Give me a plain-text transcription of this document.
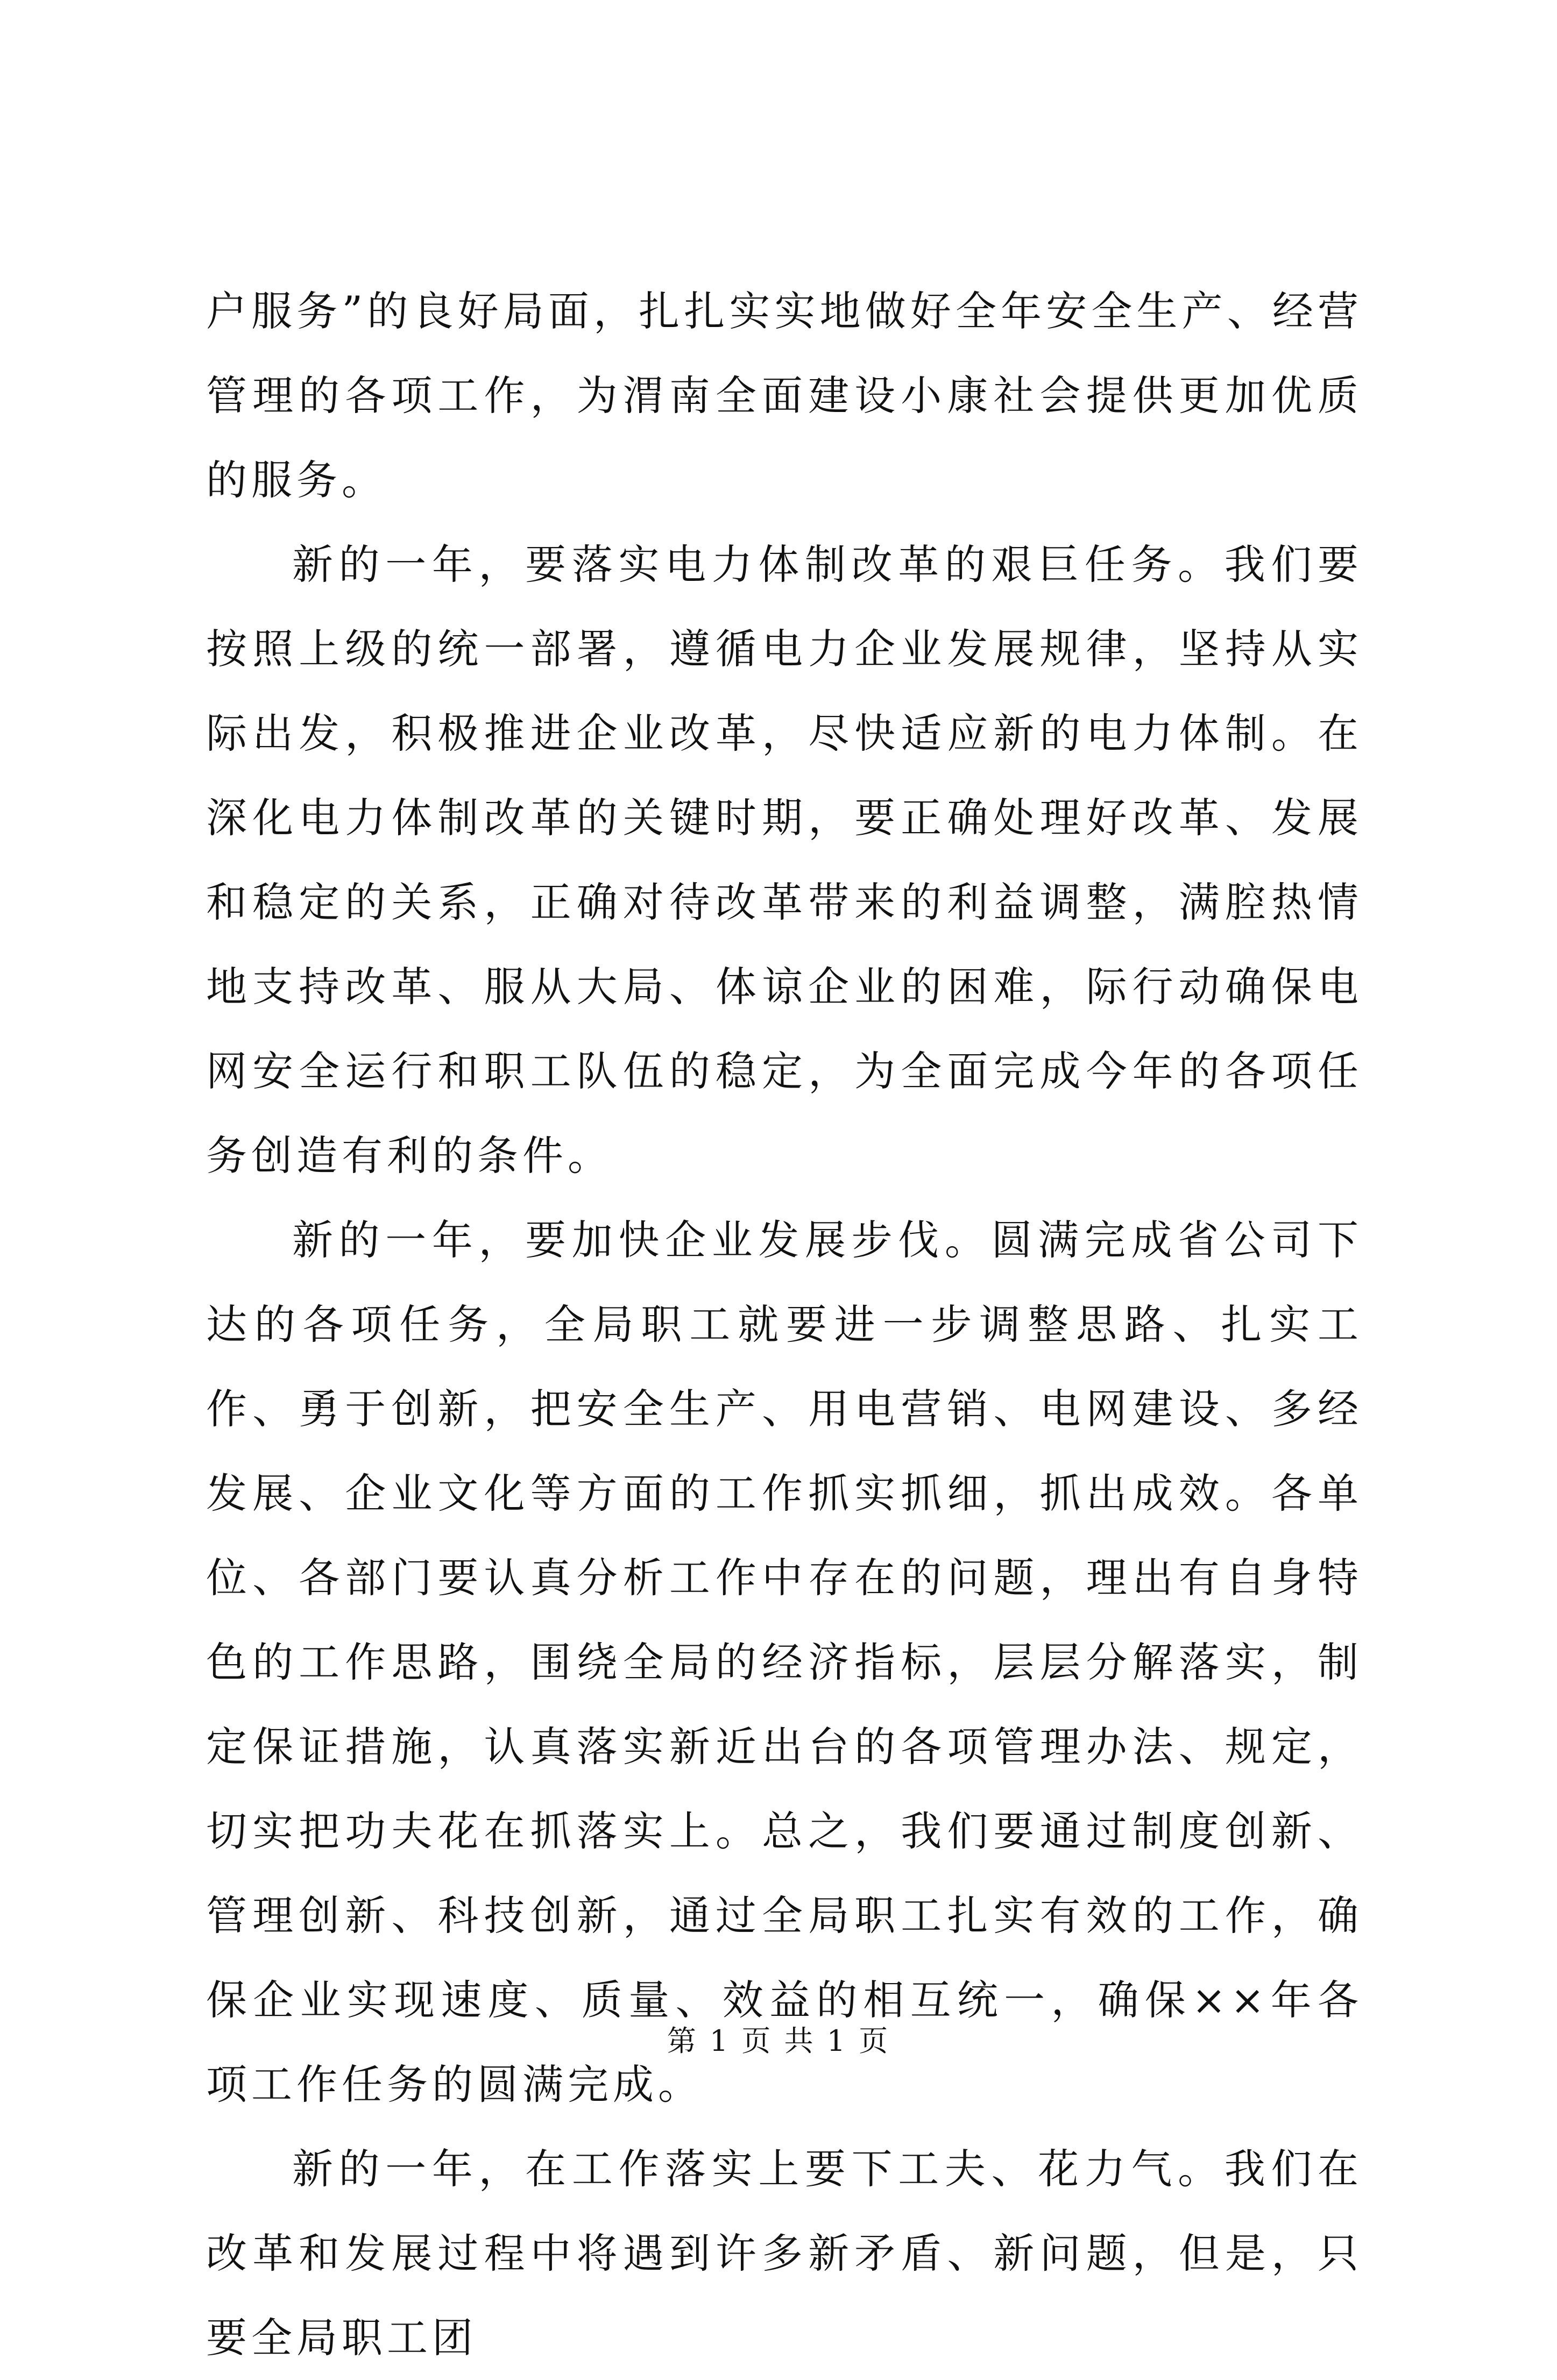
户服务”的良好局面，扎扎实实地做好全年安全生产、经营管理的各项工作，为渭南全面建设小康社会提供更加优质的服务。

新的一年，要落实电力体制改革的艰巨任务。我们要按照上级的统一部署，遵循电力企业发展规律，坚持从实际出发，积极推进企业改革，尽快适应新的电力体制。在深化电力体制改革的关键时期，要正确处理好改革、发展和稳定的关系，正确对待改革带来的利益调整，满腔热情地支持改革、服从大局、体谅企业的困难，际行动确保电网安全运行和职工队伍的稳定，为全面完成今年的各项任务创造有利的条件。

新的一年，要加快企业发展步伐。圆满完成省公司下达的各项任务，全局职工就要进一步调整思路、扎实工作、勇于创新，把安全生产、用电营销、电网建设、多经发展、企业文化等方面的工作抓实抓细，抓出成效。各单位、各部门要认真分析工作中存在的问题，理出有自身特色的工作思路，围绕全局的经济指标，层层分解落实，制定保证措施，认真落实新近出台的各项管理办法、规定，切实把功夫花在抓落实上。总之，我们要通过制度创新、管理创新、科技创新，通过全局职工扎实有效的工作，确保企业实现速度、质量、效益的相互统一，确保××年各项工作任务的圆满完成。

新的一年，在工作落实上要下工夫、花力气。我们在改革和发展过程中将遇到许多新矛盾、新问题，但是，只要全局职工团

第 1 页 共 1 页
